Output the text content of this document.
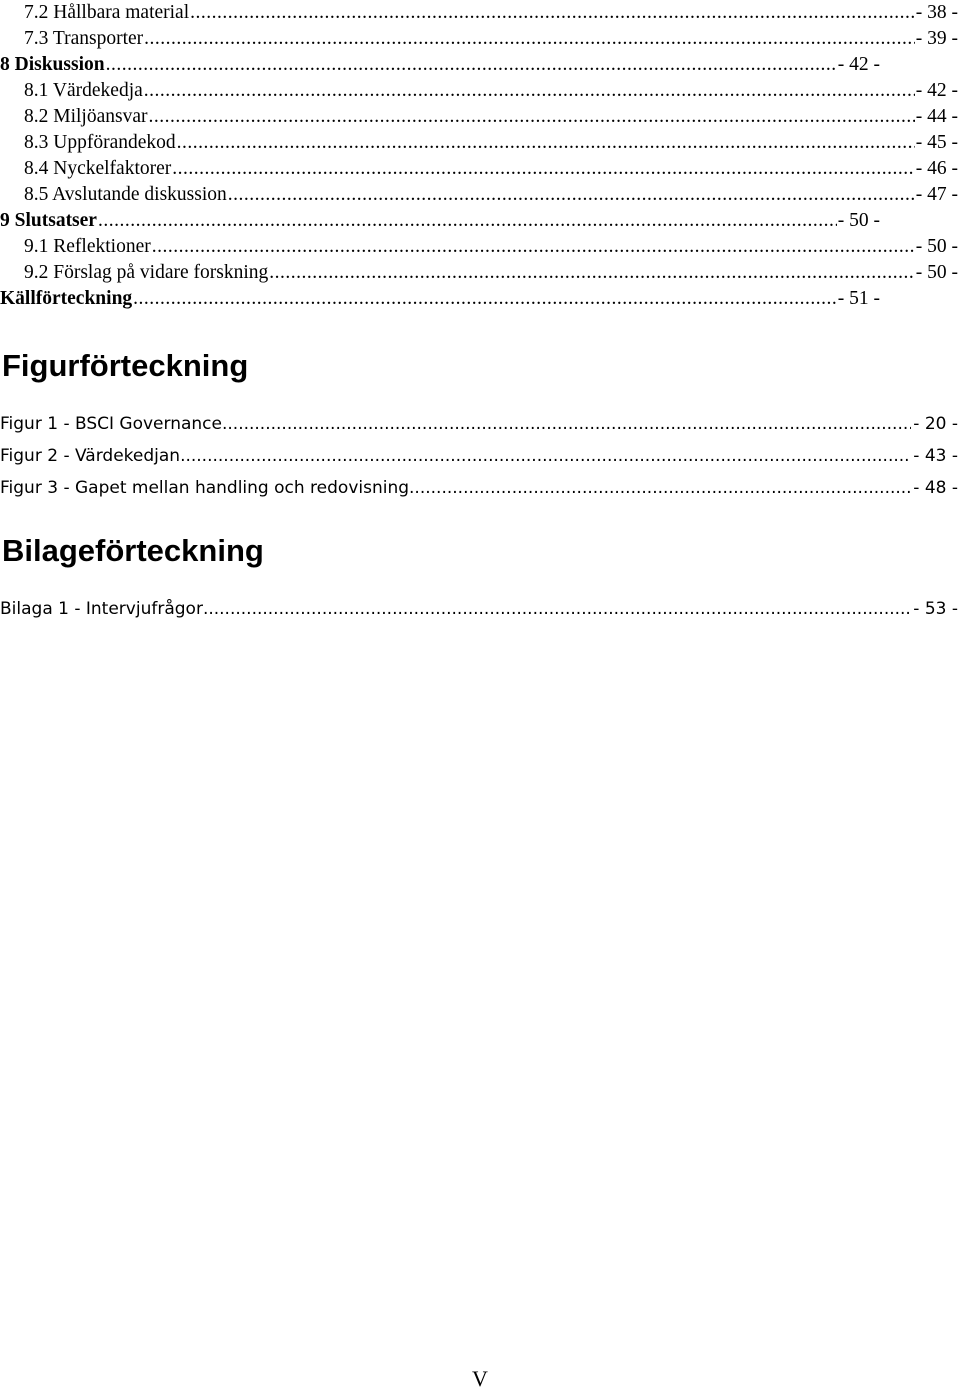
7.2 Hållbara material .....	- 38 -
7.3 Transporter .....	- 39 -
8 Diskussion .....	- 42 -
8.1 Värdekedja .....	- 42 -
8.2 Miljöansvar .....	- 44 -
8.3 Uppförandekod .....	- 45 -
8.4 Nyckelfaktorer .....	- 46 -
8.5 Avslutande diskussion .....	- 47 -
9 Slutsatser .....	- 50 -
9.1 Reflektioner .....	- 50 -
9.2 Förslag på vidare forskning .....	- 50 -
Källförteckning .....	- 51 -
Figurförteckning
Figur 1 - BSCI Governance .....	- 20 -
Figur 2 - Värdekedjan .....	- 43 -
Figur 3 - Gapet mellan handling och redovisning .....	- 48 -
Bilageförteckning
Bilaga 1 - Intervjufrågor .....	- 53 -
V
